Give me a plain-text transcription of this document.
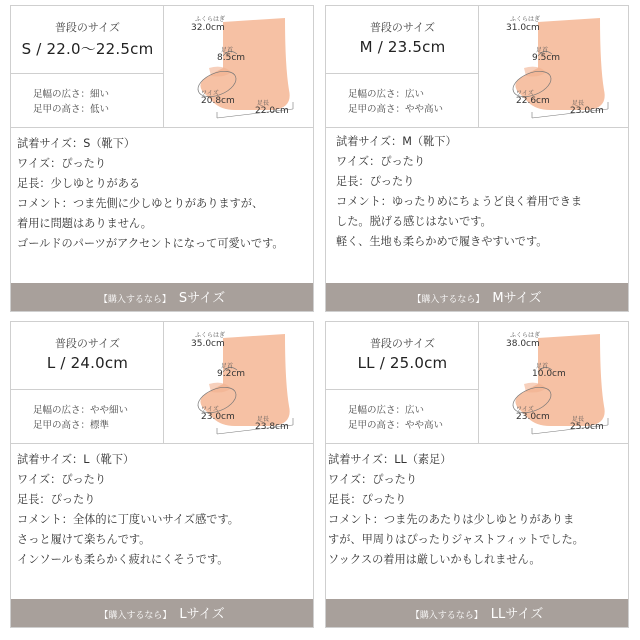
普段のサイズ
S / 22.0〜22.5cm
足幅の広さ：細い
足甲の高さ：低い
ふくらはぎ
32.0cm
足首
8.5cm
ワイズ
20.8cm	足長
22.0cm
試着サイズ：S（靴下）
ワイズ：ぴったり
足長：少しゆとりがある
コメント：つま先側に少しゆとりがありますが、
着用に問題はありません。
ゴールドのパーツがアクセントになって可愛いです。
【購入するなら】 Sサイズ
普段のサイズ
M / 23.5cm
足幅の広さ：広い
足甲の高さ：やや高い
ふくらはぎ
31.0cm
足首
9.5cm
ワイズ
22.6cm	足長
23.0cm
試着サイズ：M（靴下）
ワイズ：ぴったり
足長：ぴったり
コメント：ゆったりめにちょうど良く着用できま
した。脱げる感じはないです。
軽く、生地も柔らかめで履きやすいです。
【購入するなら】 Mサイズ
普段のサイズ
L / 24.0cm
足幅の広さ：やや細い
足甲の高さ：標準
ふくらはぎ
35.0cm
足首
9.2cm
ワイズ
23.0cm	足長
23.8cm
試着サイズ：L（靴下）
ワイズ：ぴったり
足長：ぴったり
コメント：全体的に丁度いいサイズ感です。
さっと履けて楽ちんです。
インソールも柔らかく疲れにくそうです。
【購入するなら】 Lサイズ
普段のサイズ
LL / 25.0cm
足幅の広さ：広い
足甲の高さ：やや高い
ふくらはぎ
38.0cm
足首
10.0cm
ワイズ
23.0cm	足長
25.0cm
試着サイズ：LL（素足）
ワイズ：ぴったり
足長：ぴったり
コメント：つま先のあたりは少しゆとりがありま
すが、甲周りはぴったりジャストフィットでした。
ソックスの着用は厳しいかもしれません。
【購入するなら】 LLサイズ
